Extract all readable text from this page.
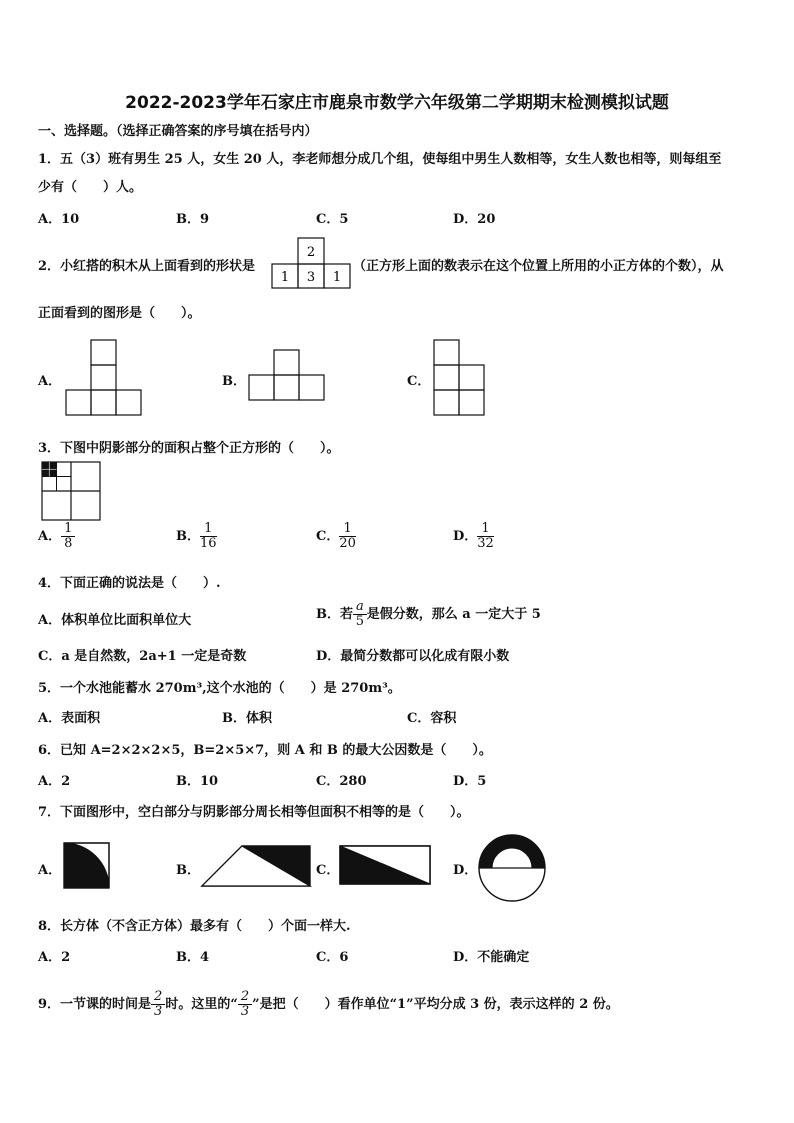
2022-2023学年石家庄市鹿泉市数学六年级第二学期期末检测模拟试题
一、选择题。（选择正确答案的序号填在括号内）
1．五（3）班有男生 25 人，女生 20 人，李老师想分成几个组，使每组中男生人数相等，女生人数也相等，则每组至
少有（　　）人。
A．10	B．9	C．5	D．20
2．小红搭的积木从上面看到的形状是
2
1 3 1
（正方形上面的数表示在这个位置上所用的小正方体的个数），从
正面看到的图形是（　　）。
A．	B．	C．
3．下图中阴影部分的面积占整个正方形的（　　）。
A． $\frac{1}{8}$	B． $\frac{1}{16}$	C． $\frac{1}{20}$	D． $\frac{1}{32}$
4．下面正确的说法是（　　）.
A．体积单位比面积单位大	B．若 $\frac{a}{5}$ 是假分数，那么 a 一定大于 5
C．a 是自然数，2a+1 一定是奇数	D．最简分数都可以化成有限小数
5．一个水池能蓄水 270m³,这个水池的（　　）是 270m³。
A．表面积	B．体积	C．容积
6．已知 A=2×2×2×5，B=2×5×7，则 A 和 B 的最大公因数是（　　）。
A．2	B．10	C．280	D．5
7．下面图形中，空白部分与阴影部分周长相等但面积不相等的是（　　）。
A．	B．	C．	D．
8．长方体（不含正方体）最多有（　　）个面一样大.
A．2	B．4	C．6	D．不能确定
9．一节课的时间是 $\frac{2}{3}$ 时。这里的“ $\frac{2}{3}$ ”是把（　　）看作单位“1”平均分成 3 份，表示这样的 2 份。
